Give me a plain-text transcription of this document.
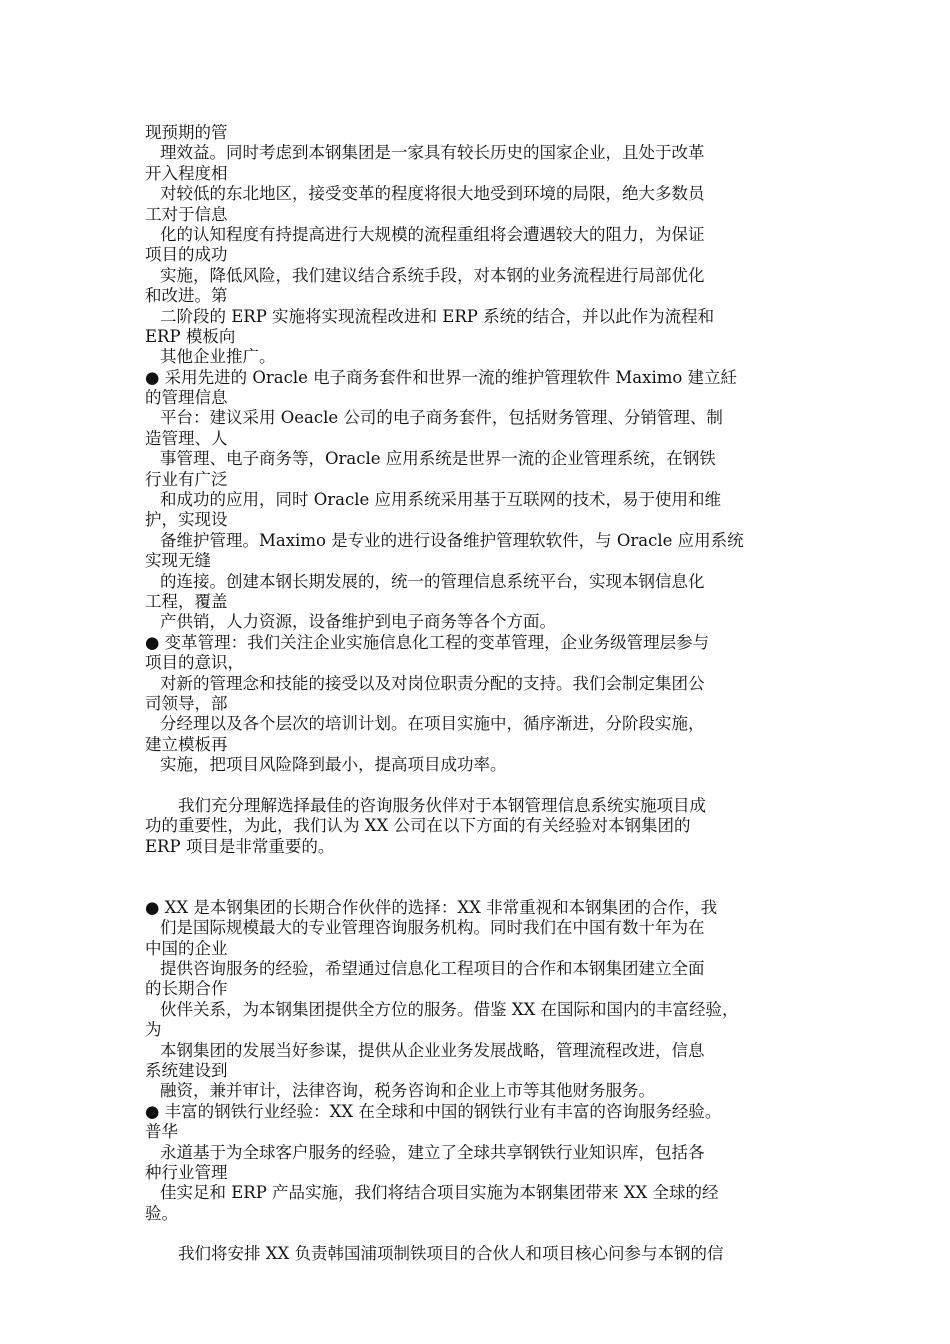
现预期的管
理效益。同时考虑到本钢集团是一家具有较长历史的国家企业，且处于改革
开入程度相
对较低的东北地区，接受变革的程度将很大地受到环境的局限，绝大多数员
工对于信息
化的认知程度有持提高进行大规模的流程重组将会遭遇较大的阻力，为保证
项目的成功
实施，降低风险，我们建议结合系统手段，对本钢的业务流程进行局部优化
和改进。第
二阶段的 ERP 实施将实现流程改进和 ERP 系统的结合，并以此作为流程和
ERP 模板向
其他企业推广。
● 采用先进的 Oracle 电子商务套件和世界一流的维护管理软件 Maximo 建立紝
的管理信息
平台：建议采用 Oeacle 公司的电子商务套件，包括财务管理、分销管理、制
造管理、人
事管理、电子商务等，Oracle 应用系统是世界一流的企业管理系统，在钢铁
行业有广泛
和成功的应用，同时 Oracle 应用系统采用基于互联网的技术，易于使用和维
护，实现设
备维护管理。Maximo 是专业的进行设备维护管理软软件，与 Oracle 应用系统
实现无缝
的连接。创建本钢长期发展的，统一的管理信息系统平台，实现本钢信息化
工程，覆盖
产供销，人力资源，设备维护到电子商务等各个方面。
● 变革管理：我们关注企业实施信息化工程的变革管理，企业务级管理层参与
项目的意识，
对新的管理念和技能的接受以及对岗位职责分配的支持。我们会制定集团公
司领导，部
分经理以及各个层次的培训计划。在项目实施中，循序渐进，分阶段实施，
建立模板再
实施，把项目风险降到最小，提高项目成功率。
我们充分理解选择最佳的咨询服务伙伴对于本钢管理信息系统实施项目成
功的重要性，为此，我们认为 XX 公司在以下方面的有关经验对本钢集团的
ERP 项目是非常重要的。
● XX 是本钢集团的长期合作伙伴的选择：XX 非常重视和本钢集团的合作，我
们是国际规模最大的专业管理咨询服务机构。同时我们在中国有数十年为在
中国的企业
提供咨询服务的经验，希望通过信息化工程项目的合作和本钢集团建立全面
的长期合作
伙伴关系，为本钢集团提供全方位的服务。借鉴 XX 在国际和国内的丰富经验，
为
本钢集团的发展当好参谋，提供从企业业务发展战略，管理流程改进，信息
系统建设到
融资，兼并审计，法律咨询，税务咨询和企业上市等其他财务服务。
● 丰富的钢铁行业经验：XX 在全球和中国的钢铁行业有丰富的咨询服务经验。
普华
永道基于为全球客户服务的经验，建立了全球共享钢铁行业知识库，包括各
种行业管理
佳实足和 ERP 产品实施，我们将结合项目实施为本钢集团带来 XX 全球的经
验。
我们将安排 XX 负责韩国浦项制铁项目的合伙人和项目核心问参与本钢的信
